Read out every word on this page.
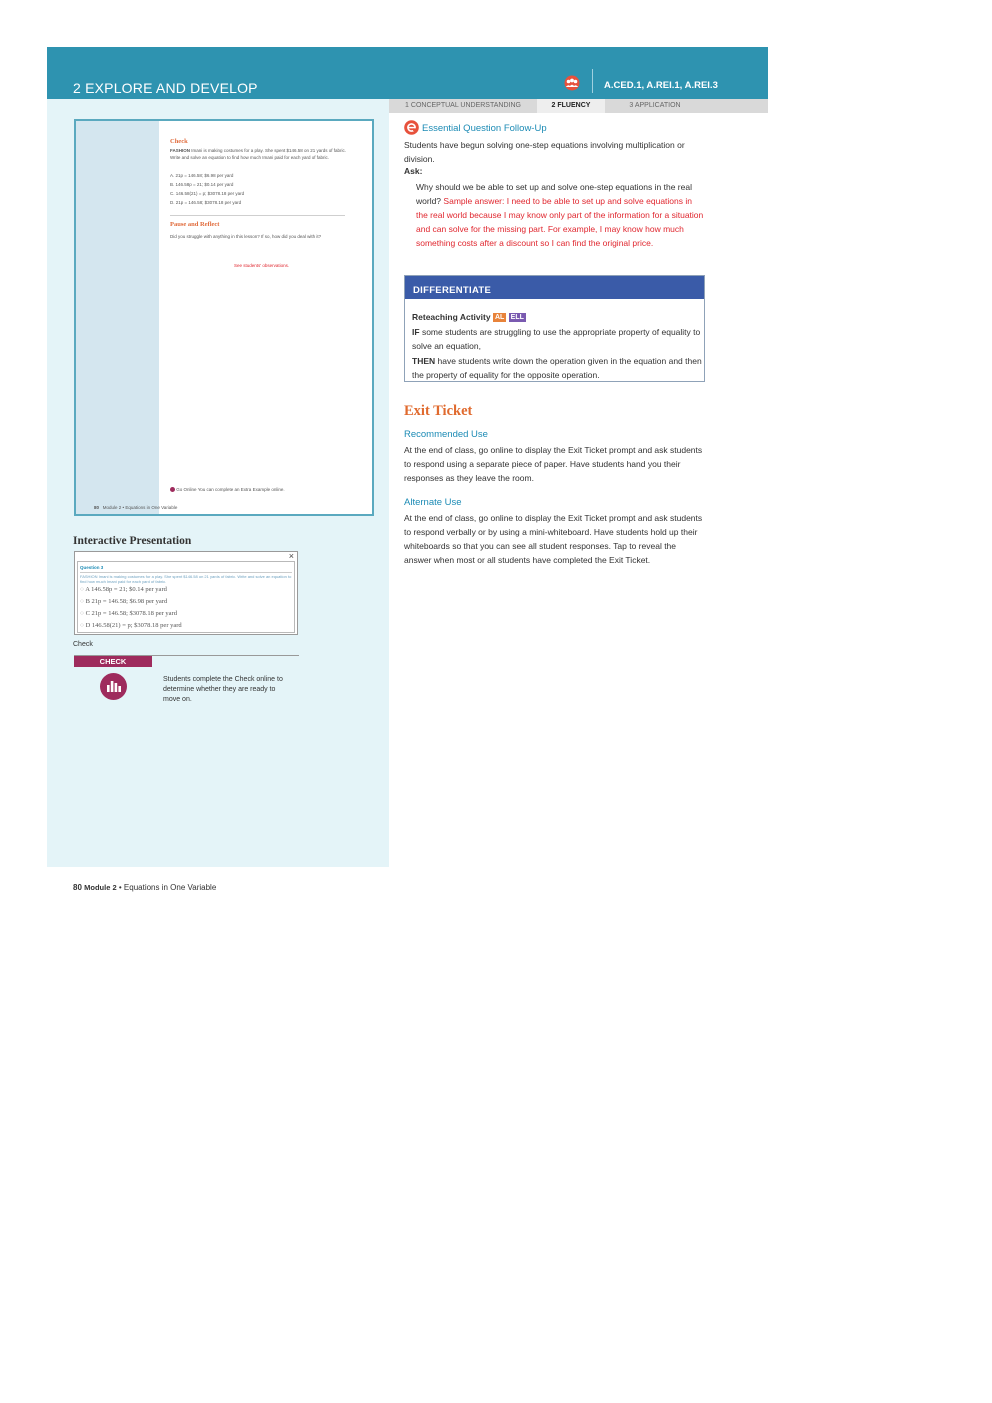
2 EXPLORE AND DEVELOP	A.CED.1, A.REI.1, A.REI.3
1 CONCEPTUAL UNDERSTANDING	2 FLUENCY	3 APPLICATION
Check
FASHION Imani is making costumes for a play. She spent $146.58 on 21 yards of fabric. Write and solve an equation to find how much Imani paid for each yard of fabric.
A. 21p = 146.58; $6.98 per yard
B. 146.58p = 21; $0.14 per yard
C. 146.58(21) = p; $3078.18 per yard
D. 21p = 146.58; $3078.18 per yard
Pause and Reflect
Did you struggle with anything in this lesson? If so, how did you deal with it?
See students' observations.
Go Online You can complete an Extra Example online.
80 Module 2 • Equations in One Variable
Interactive Presentation
×
Question 3
FASHION Imani is making costumes for a play. She spent $146.58 on 21 yards of fabric. Write and solve an equation to find how much Imani paid for each yard of fabric.
○ A 146.58p = 21; $0.14 per yard
○ B 21p = 146.58; $6.98 per yard
○ C 21p = 146.58; $3078.18 per yard
○ D 146.58(21) = p; $3078.18 per yard
Check
CHECK
Students complete the Check online to determine whether they are ready to move on.
80 Module 2 • Equations in One Variable
Essential Question Follow-Up
Students have begun solving one-step equations involving multiplication or division.
Ask:
Why should we be able to set up and solve one-step equations in the real world? Sample answer: I need to be able to set up and solve equations in the real world because I may know only part of the information for a situation and can solve for the missing part. For example, I may know how much something costs after a discount so I can find the original price.
DIFFERENTIATE
Reteaching Activity AL ELL
IF some students are struggling to use the appropriate property of equality to solve an equation,
THEN have students write down the operation given in the equation and then the property of equality for the opposite operation.
Exit Ticket
Recommended Use
At the end of class, go online to display the Exit Ticket prompt and ask students to respond using a separate piece of paper. Have students hand you their responses as they leave the room.
Alternate Use
At the end of class, go online to display the Exit Ticket prompt and ask students to respond verbally or by using a mini-whiteboard. Have students hold up their whiteboards so that you can see all student responses. Tap to reveal the answer when most or all students have completed the Exit Ticket.
